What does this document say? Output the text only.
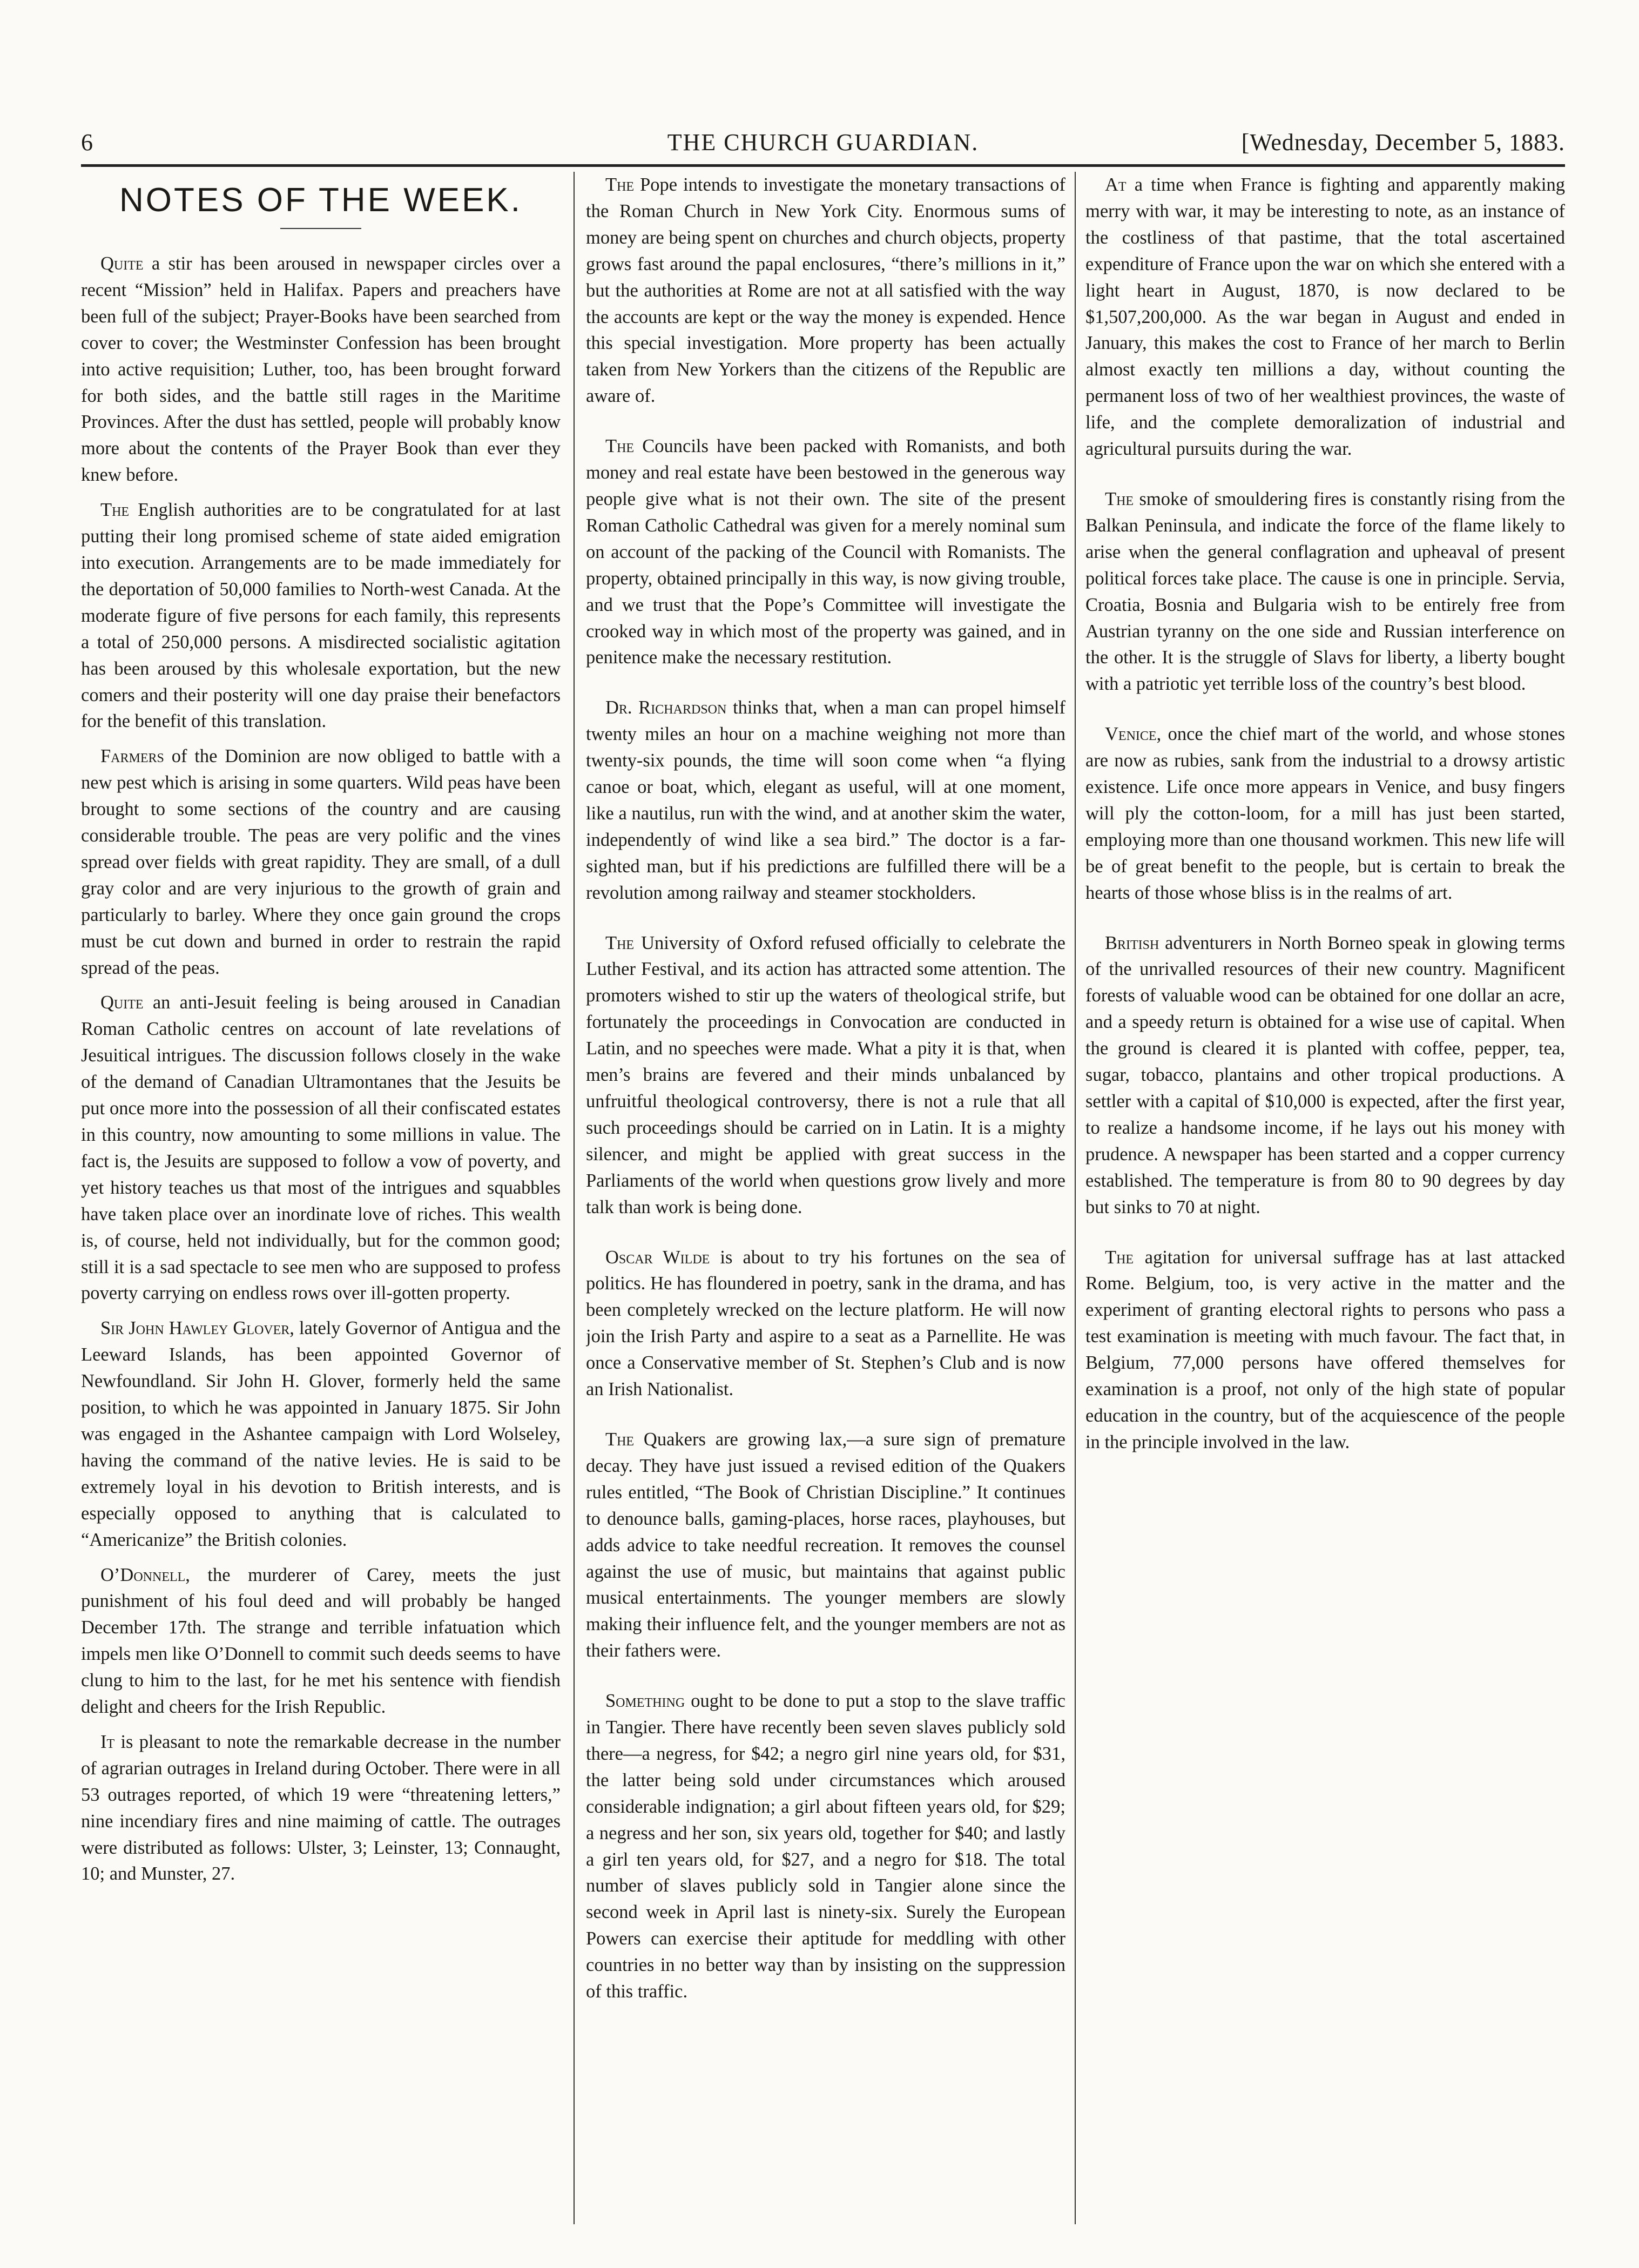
6	THE CHURCH GUARDIAN.	[Wednesday, December 5, 1883.
NOTES OF THE WEEK.

Quite a stir has been aroused in newspaper circles over a recent “Mission” held in Halifax. Papers and preachers have been full of the subject; Prayer-Books have been searched from cover to cover; the Westminster Confession has been brought into active requisition; Luther, too, has been brought forward for both sides, and the battle still rages in the Maritime Provinces. After the dust has settled, people will probably know more about the contents of the Prayer Book than ever they knew before.

The English authorities are to be congratulated for at last putting their long promised scheme of state aided emigration into execution. Arrangements are to be made immediately for the deportation of 50,000 families to North-west Canada. At the moderate figure of five persons for each family, this represents a total of 250,000 persons. A misdirected socialistic agitation has been aroused by this wholesale exportation, but the new comers and their posterity will one day praise their benefactors for the benefit of this translation.

Farmers of the Dominion are now obliged to battle with a new pest which is arising in some quarters. Wild peas have been brought to some sections of the country and are causing considerable trouble. The peas are very polific and the vines spread over fields with great rapidity. They are small, of a dull gray color and are very injurious to the growth of grain and particularly to barley. Where they once gain ground the crops must be cut down and burned in order to restrain the rapid spread of the peas.

Quite an anti-Jesuit feeling is being aroused in Canadian Roman Catholic centres on account of late revelations of Jesuitical intrigues. The discussion follows closely in the wake of the demand of Canadian Ultramontanes that the Jesuits be put once more into the possession of all their confiscated estates in this country, now amounting to some millions in value. The fact is, the Jesuits are supposed to follow a vow of poverty, and yet history teaches us that most of the intrigues and squabbles have taken place over an inordinate love of riches. This wealth is, of course, held not individually, but for the common good; still it is a sad spectacle to see men who are supposed to profess poverty carrying on endless rows over ill-gotten property.

Sir John Hawley Glover, lately Governor of Antigua and the Leeward Islands, has been appointed Governor of Newfoundland. Sir John H. Glover, formerly held the same position, to which he was appointed in January 1875. Sir John was engaged in the Ashantee campaign with Lord Wolseley, having the command of the native levies. He is said to be extremely loyal in his devotion to British interests, and is especially opposed to anything that is calculated to “Americanize” the British colonies.

O’Donnell, the murderer of Carey, meets the just punishment of his foul deed and will probably be hanged December 17th. The strange and terrible infatuation which impels men like O’Donnell to commit such deeds seems to have clung to him to the last, for he met his sentence with fiendish delight and cheers for the Irish Republic.

It is pleasant to note the remarkable decrease in the number of agrarian outrages in Ireland during October. There were in all 53 outrages reported, of which 19 were “threatening letters,” nine incendiary fires and nine maiming of cattle. The outrages were distributed as follows: Ulster, 3; Leinster, 13; Connaught, 10; and Munster, 27.

The Pope intends to investigate the monetary transactions of the Roman Church in New York City. Enormous sums of money are being spent on churches and church objects, property grows fast around the papal enclosures, “there’s millions in it,” but the authorities at Rome are not at all satisfied with the way the accounts are kept or the way the money is expended. Hence this special investigation. More property has been actually taken from New Yorkers than the citizens of the Republic are aware of.

The Councils have been packed with Romanists, and both money and real estate have been bestowed in the generous way people give what is not their own. The site of the present Roman Catholic Cathedral was given for a merely nominal sum on account of the packing of the Council with Romanists. The property, obtained principally in this way, is now giving trouble, and we trust that the Pope’s Committee will investigate the crooked way in which most of the property was gained, and in penitence make the necessary restitution.

Dr. Richardson thinks that, when a man can propel himself twenty miles an hour on a machine weighing not more than twenty-six pounds, the time will soon come when “a flying canoe or boat, which, elegant as useful, will at one moment, like a nautilus, run with the wind, and at another skim the water, independently of wind like a sea bird.” The doctor is a far-sighted man, but if his predictions are fulfilled there will be a revolution among railway and steamer stockholders.

The University of Oxford refused officially to celebrate the Luther Festival, and its action has attracted some attention. The promoters wished to stir up the waters of theological strife, but fortunately the proceedings in Convocation are conducted in Latin, and no speeches were made. What a pity it is that, when men’s brains are fevered and their minds unbalanced by unfruitful theological controversy, there is not a rule that all such proceedings should be carried on in Latin. It is a mighty silencer, and might be applied with great success in the Parliaments of the world when questions grow lively and more talk than work is being done.

Oscar Wilde is about to try his fortunes on the sea of politics. He has floundered in poetry, sank in the drama, and has been completely wrecked on the lecture platform. He will now join the Irish Party and aspire to a seat as a Parnellite. He was once a Conservative member of St. Stephen’s Club and is now an Irish Nationalist.

The Quakers are growing lax,—a sure sign of premature decay. They have just issued a revised edition of the Quakers rules entitled, “The Book of Christian Discipline.” It continues to denounce balls, gaming-places, horse races, playhouses, but adds advice to take needful recreation. It removes the counsel against the use of music, but maintains that against public musical entertainments. The younger members are slowly making their influence felt, and the younger members are not as their fathers were.

Something ought to be done to put a stop to the slave traffic in Tangier. There have recently been seven slaves publicly sold there—a negress, for $42; a negro girl nine years old, for $31, the latter being sold under circumstances which aroused considerable indignation; a girl about fifteen years old, for $29; a negress and her son, six years old, together for $40; and lastly a girl ten years old, for $27, and a negro for $18. The total number of slaves publicly sold in Tangier alone since the second week in April last is ninety-six. Surely the European Powers can exercise their aptitude for meddling with other countries in no better way than by insisting on the suppression of this traffic.

At a time when France is fighting and apparently making merry with war, it may be interesting to note, as an instance of the costliness of that pastime, that the total ascertained expenditure of France upon the war on which she entered with a light heart in August, 1870, is now declared to be $1,507,200,000. As the war began in August and ended in January, this makes the cost to France of her march to Berlin almost exactly ten millions a day, without counting the permanent loss of two of her wealthiest provinces, the waste of life, and the complete demoralization of industrial and agricultural pursuits during the war.

The smoke of smouldering fires is constantly rising from the Balkan Peninsula, and indicate the force of the flame likely to arise when the general conflagration and upheaval of present political forces take place. The cause is one in principle. Servia, Croatia, Bosnia and Bulgaria wish to be entirely free from Austrian tyranny on the one side and Russian interference on the other. It is the struggle of Slavs for liberty, a liberty bought with a patriotic yet terrible loss of the country’s best blood.

Venice, once the chief mart of the world, and whose stones are now as rubies, sank from the industrial to a drowsy artistic existence. Life once more appears in Venice, and busy fingers will ply the cotton-loom, for a mill has just been started, employing more than one thousand workmen. This new life will be of great benefit to the people, but is certain to break the hearts of those whose bliss is in the realms of art.

British adventurers in North Borneo speak in glowing terms of the unrivalled resources of their new country. Magnificent forests of valuable wood can be obtained for one dollar an acre, and a speedy return is obtained for a wise use of capital. When the ground is cleared it is planted with coffee, pepper, tea, sugar, tobacco, plantains and other tropical productions. A settler with a capital of $10,000 is expected, after the first year, to realize a handsome income, if he lays out his money with prudence. A newspaper has been started and a copper currency established. The temperature is from 80 to 90 degrees by day but sinks to 70 at night.

The agitation for universal suffrage has at last attacked Rome. Belgium, too, is very active in the matter and the experiment of granting electoral rights to persons who pass a test examination is meeting with much favour. The fact that, in Belgium, 77,000 persons have offered themselves for examination is a proof, not only of the high state of popular education in the country, but of the acquiescence of the people in the principle involved in the law.
